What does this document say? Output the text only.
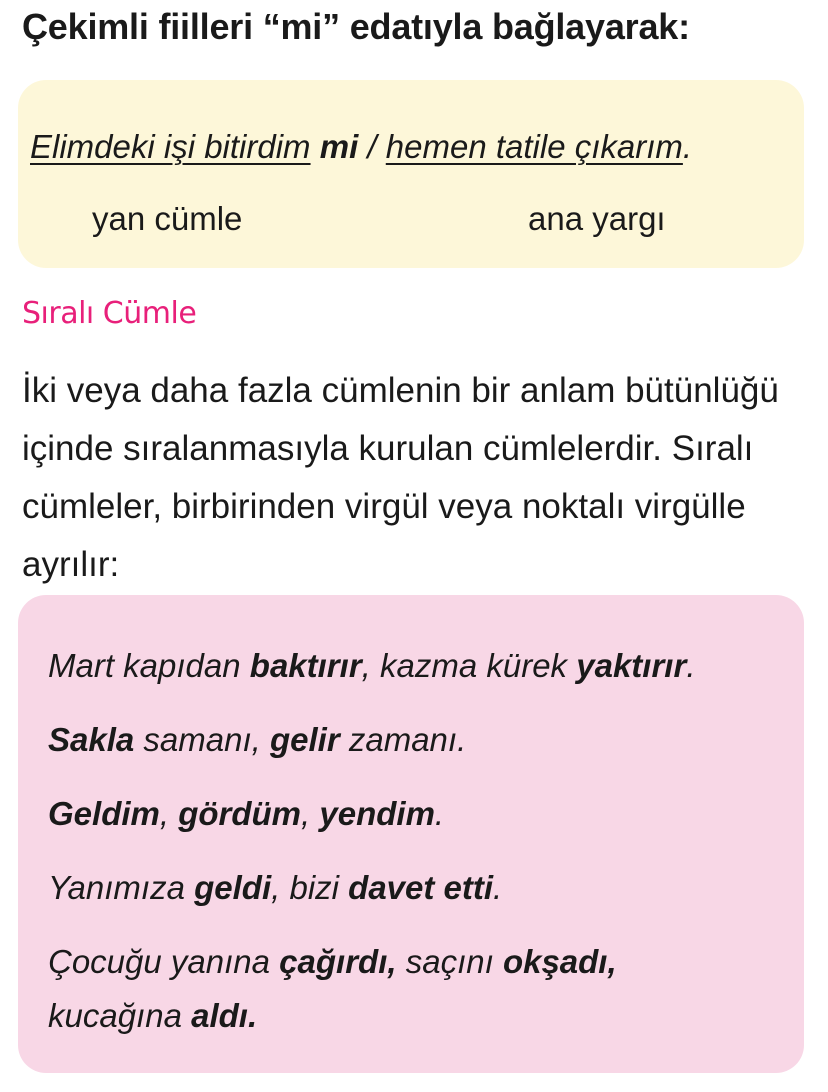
Çekimli fiilleri “mi” edatıyla bağlayarak:
Elimdeki işi bitirdim mi / hemen tatile çıkarım.
yan cümle	ana yargı
Sıralı Cümle
İki veya daha fazla cümlenin bir anlam bütünlüğü içinde sıralanmasıyla kurulan cümlelerdir. Sıralı cümleler, birbirinden virgül veya noktalı virgülle ayrılır:
Mart kapıdan baktırır, kazma kürek yaktırır.
Sakla samanı, gelir zamanı.
Geldim, gördüm, yendim.
Yanımıza geldi, bizi davet etti.
Çocuğu yanına çağırdı, saçını okşadı,
kucağına aldı.
